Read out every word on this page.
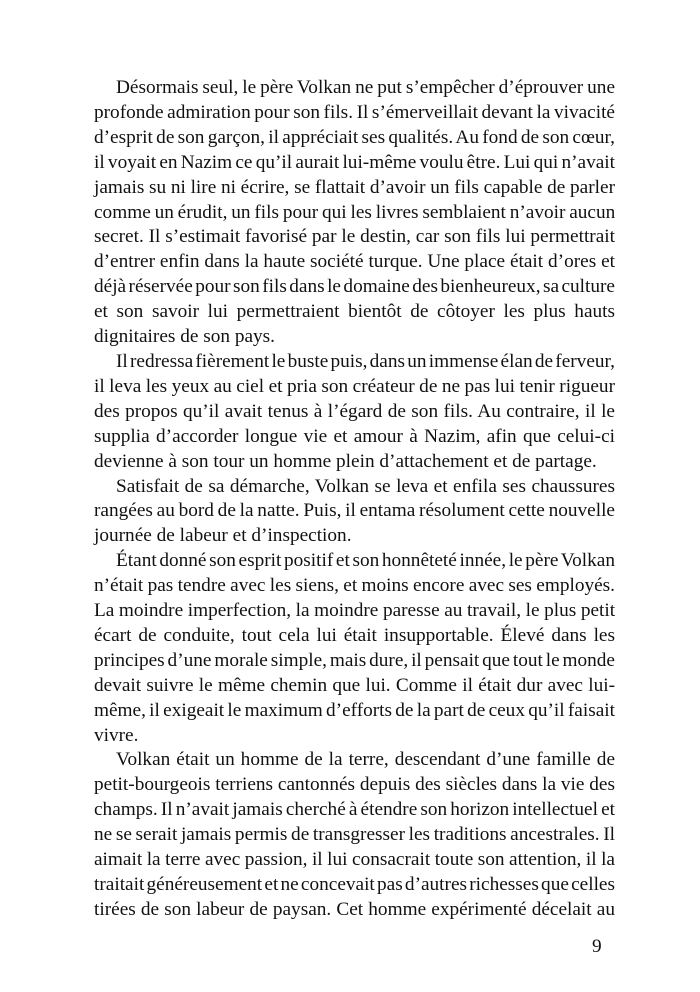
Désormais seul, le père Volkan ne put s’empêcher d’éprouver une
profonde admiration pour son fils. Il s’émerveillait devant la vivacité
d’esprit de son garçon, il appréciait ses qualités. Au fond de son cœur,
il voyait en Nazim ce qu’il aurait lui-même voulu être. Lui qui n’avait
jamais su ni lire ni écrire, se flattait d’avoir un fils capable de parler
comme un érudit, un fils pour qui les livres semblaient n’avoir aucun
secret. Il s’estimait favorisé par le destin, car son fils lui permettrait
d’entrer enfin dans la haute société turque. Une place était d’ores et
déjà réservée pour son fils dans le domaine des bienheureux, sa culture
et son savoir lui permettraient bientôt de côtoyer les plus hauts
dignitaires de son pays.
Il redressa fièrement le buste puis, dans un immense élan de ferveur,
il leva les yeux au ciel et pria son créateur de ne pas lui tenir rigueur
des propos qu’il avait tenus à l’égard de son fils. Au contraire, il le
supplia d’accorder longue vie et amour à Nazim, afin que celui-ci
devienne à son tour un homme plein d’attachement et de partage.
Satisfait de sa démarche, Volkan se leva et enfila ses chaussures
rangées au bord de la natte. Puis, il entama résolument cette nouvelle
journée de labeur et d’inspection.
Étant donné son esprit positif et son honnêteté innée, le père Volkan
n’était pas tendre avec les siens, et moins encore avec ses employés.
La moindre imperfection, la moindre paresse au travail, le plus petit
écart de conduite, tout cela lui était insupportable. Élevé dans les
principes d’une morale simple, mais dure, il pensait que tout le monde
devait suivre le même chemin que lui. Comme il était dur avec lui-
même, il exigeait le maximum d’efforts de la part de ceux qu’il faisait
vivre.
Volkan était un homme de la terre, descendant d’une famille de
petit-bourgeois terriens cantonnés depuis des siècles dans la vie des
champs. Il n’avait jamais cherché à étendre son horizon intellectuel et
ne se serait jamais permis de transgresser les traditions ancestrales. Il
aimait la terre avec passion, il lui consacrait toute son attention, il la
traitait généreusement et ne concevait pas d’autres richesses que celles
tirées de son labeur de paysan. Cet homme expérimenté décelait au
9
